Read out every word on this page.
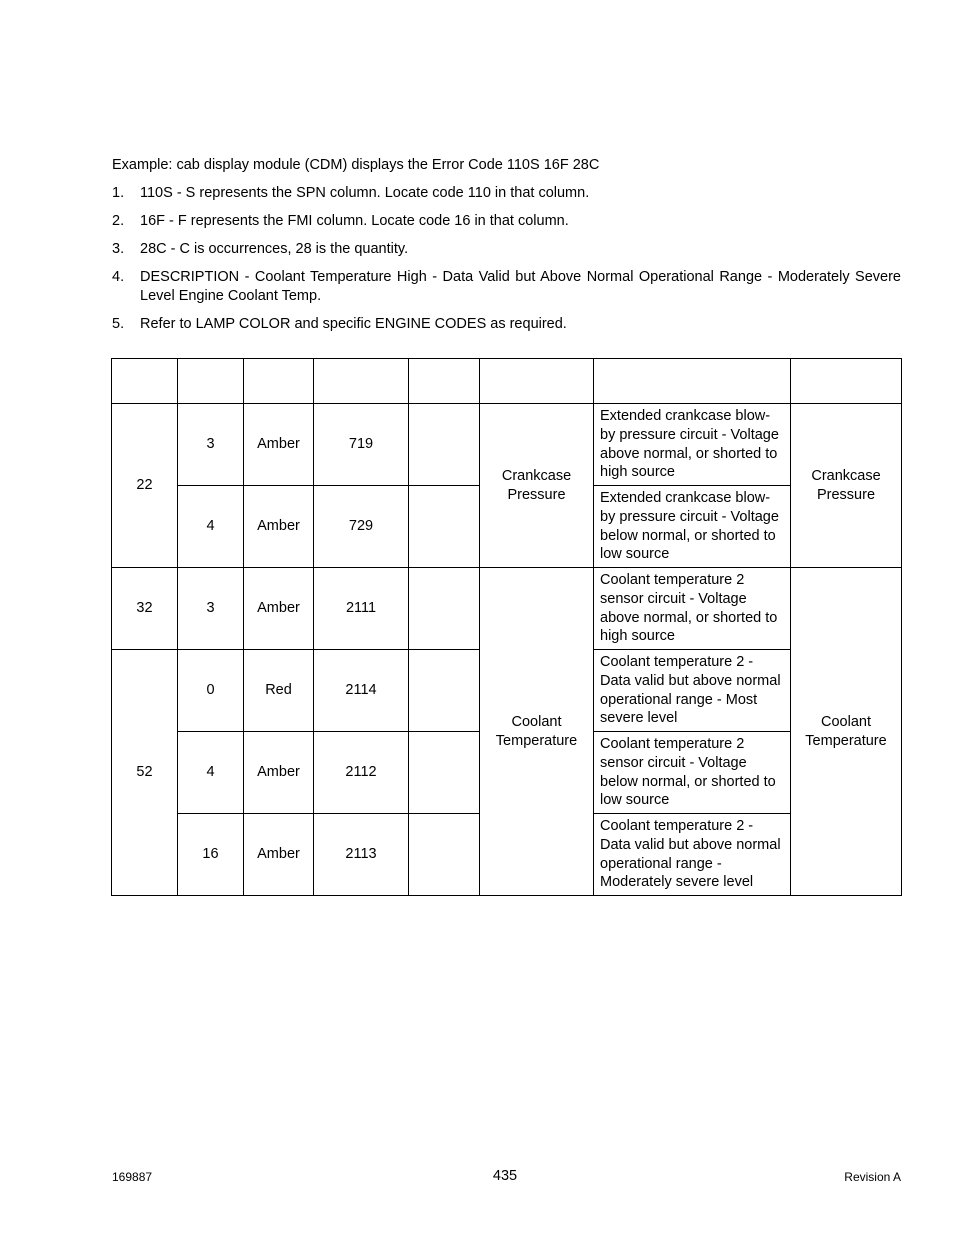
Example: cab display module (CDM) displays the Error Code 110S 16F 28C

1. 110S - S represents the SPN column. Locate code 110 in that column.
2. 16F - F represents the FMI column. Locate code 16 in that column.
3. 28C - C is occurrences, 28 is the quantity.
4. DESCRIPTION - Coolant Temperature High - Data Valid but Above Normal Operational Range - Moderately Severe Level Engine Coolant Temp.
5. Refer to LAMP COLOR and specific ENGINE CODES as required.

22	3	Amber	719		Crankcase Pressure	Extended crankcase blow-by pressure circuit - Voltage above normal, or shorted to high source	Crankcase Pressure
	4	Amber	729			Extended crankcase blow-by pressure circuit - Voltage below normal, or shorted to low source	
32	3	Amber	2111		Coolant Temperature	Coolant temperature 2 sensor circuit - Voltage above normal, or shorted to high source	Coolant Temperature
52	0	Red	2114			Coolant temperature 2 - Data valid but above normal operational range - Most severe level	
	4	Amber	2112			Coolant temperature 2 sensor circuit - Voltage below normal, or shorted to low source	
	16	Amber	2113			Coolant temperature 2 - Data valid but above normal operational range - Moderately severe level	
169887	435	Revision A
